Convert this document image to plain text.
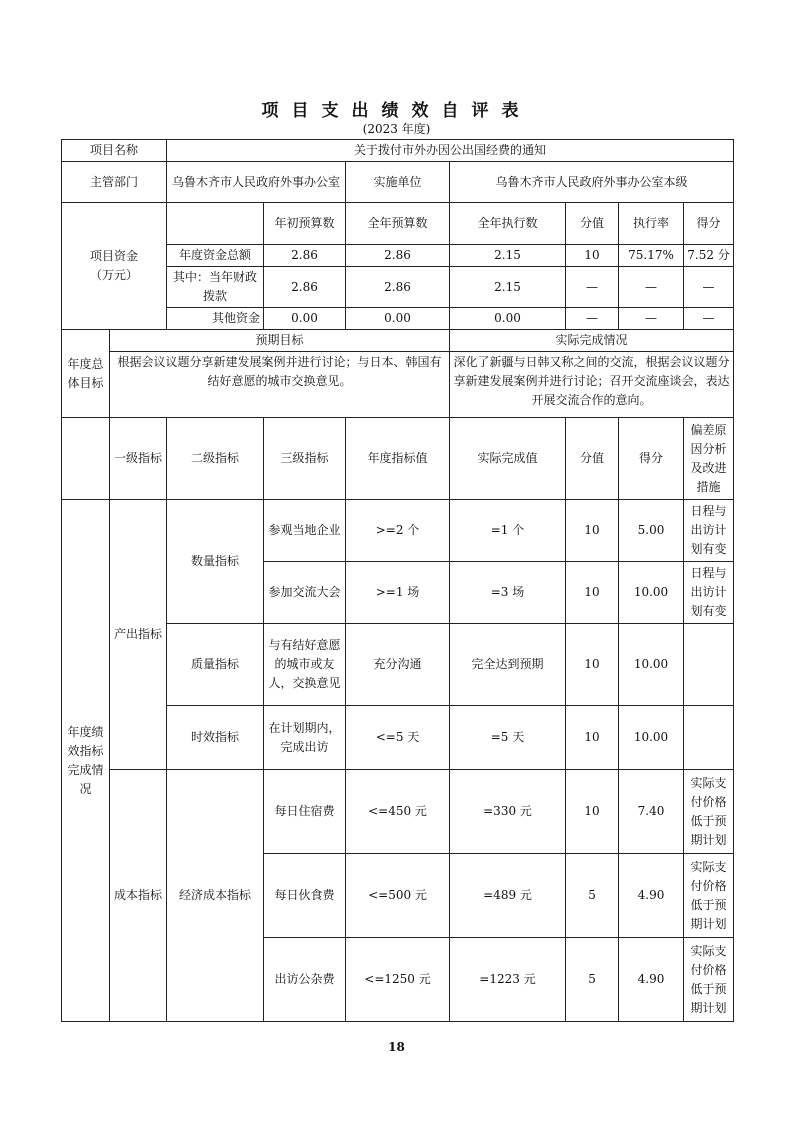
项目支出绩效自评表
(2023 年度)
项目名称		关于拨付市外办因公出国经费的通知						
主管部门		乌鲁木齐市人民政府外事办公室		实施单位	乌鲁木齐市人民政府外事办公室本级			
项目资金
（万元）			年初预算数	全年预算数	全年执行数	分值	执行率	得分
		年度资金总额	2.86	2.86	2.15	10	75.17%	7.52 分
		其中：当年财政拨款	2.86	2.86	2.15	—	—	—
		其他资金	0.00	0.00	0.00	—	—	—
年度总体目标	预期目标				实际完成情况			
	根据会议议题分享新建发展案例并进行讨论；与日本、韩国有结好意愿的城市交换意见。				深化了新疆与日韩又称之间的交流，根据会议议题分享新建发展案例并进行讨论；召开交流座谈会，表达开展交流合作的意向。			
	一级指标	二级指标	三级指标	年度指标值	实际完成值	分值	得分	偏差原因分析及改进措施
年度绩效指标完成情况	产出指标	数量指标	参观当地企业	>=2 个	=1 个	10	5.00	日程与出访计划有变
			参加交流大会	>=1 场	=3 场	10	10.00	日程与出访计划有变
		质量指标	与有结好意愿的城市或友人，交换意见	充分沟通	完全达到预期	10	10.00	
		时效指标	在计划期内，完成出访	<=5 天	=5 天	10	10.00	
	成本指标	经济成本指标	每日住宿费	<=450 元	=330 元	10	7.40	实际支付价格低于预期计划
			每日伙食费	<=500 元	=489 元	5	4.90	实际支付价格低于预期计划
			出访公杂费	<=1250 元	=1223 元	5	4.90	实际支付价格低于预期计划
18
